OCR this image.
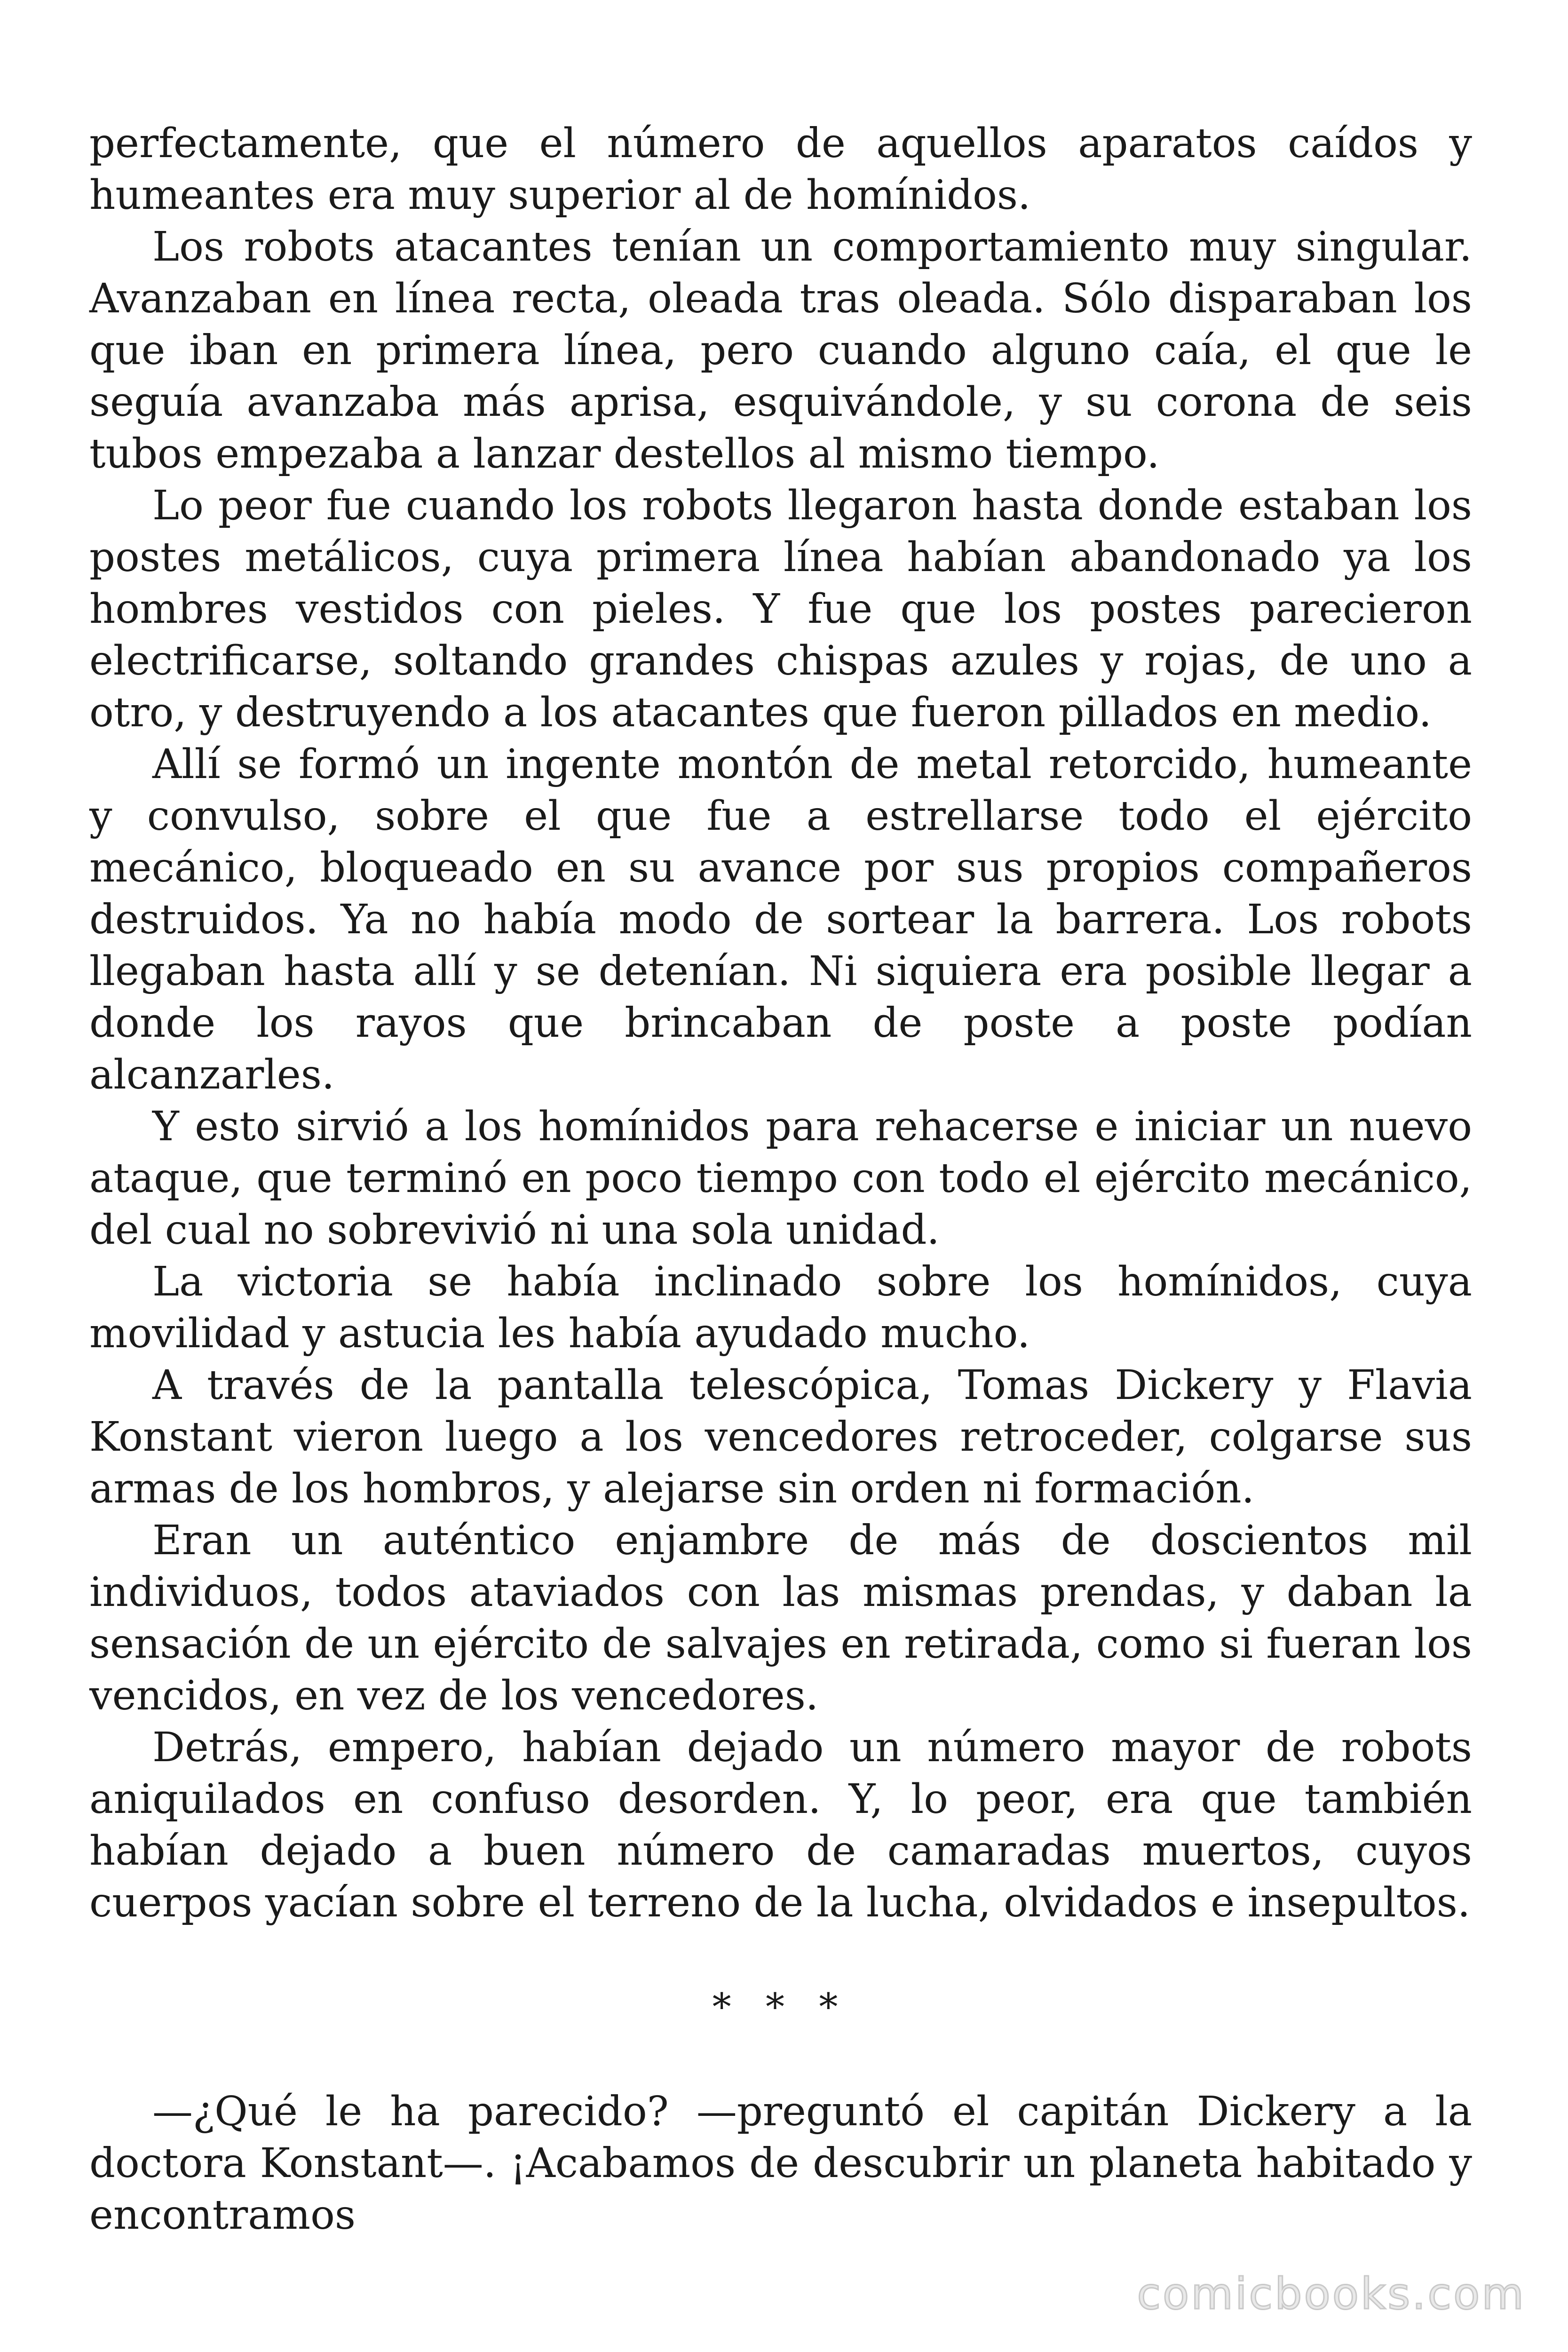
perfectamente, que el número de aquellos aparatos caídos y humeantes era muy superior al de homínidos.

Los robots atacantes tenían un comportamiento muy singular. Avanzaban en línea recta, oleada tras oleada. Sólo disparaban los que iban en primera línea, pero cuando alguno caía, el que le seguía avanzaba más aprisa, esquivándole, y su corona de seis tubos empezaba a lanzar destellos al mismo tiempo.

Lo peor fue cuando los robots llegaron hasta donde estaban los postes metálicos, cuya primera línea habían abandonado ya los hombres vestidos con pieles. Y fue que los postes parecieron electrificarse, soltando grandes chispas azules y rojas, de uno a otro, y destruyendo a los atacantes que fueron pillados en medio.

Allí se formó un ingente montón de metal retorcido, humeante y convulso, sobre el que fue a estrellarse todo el ejército mecánico, bloqueado en su avance por sus propios compañeros destruidos. Ya no había modo de sortear la barrera. Los robots llegaban hasta allí y se detenían. Ni siquiera era posible llegar a donde los rayos que brincaban de poste a poste podían alcanzarles.

Y esto sirvió a los homínidos para rehacerse e iniciar un nuevo ataque, que terminó en poco tiempo con todo el ejército mecánico, del cual no sobrevivió ni una sola unidad.

La victoria se había inclinado sobre los homínidos, cuya movilidad y astucia les había ayudado mucho.

A través de la pantalla telescópica, Tomas Dickery y Flavia Konstant vieron luego a los vencedores retroceder, colgarse sus armas de los hombros, y alejarse sin orden ni formación.

Eran un auténtico enjambre de más de doscientos mil individuos, todos ataviados con las mismas prendas, y daban la sensación de un ejército de salvajes en retirada, como si fueran los vencidos, en vez de los vencedores.

Detrás, empero, habían dejado un número mayor de robots aniquilados en confuso desorden. Y, lo peor, era que también habían dejado a buen número de camaradas muertos, cuyos cuerpos yacían sobre el terreno de la lucha, olvidados e insepultos.

* * *

—¿Qué le ha parecido? —preguntó el capitán Dickery a la doctora Konstant—. ¡Acabamos de descubrir un planeta habitado y encontramos

comicbooks.com
